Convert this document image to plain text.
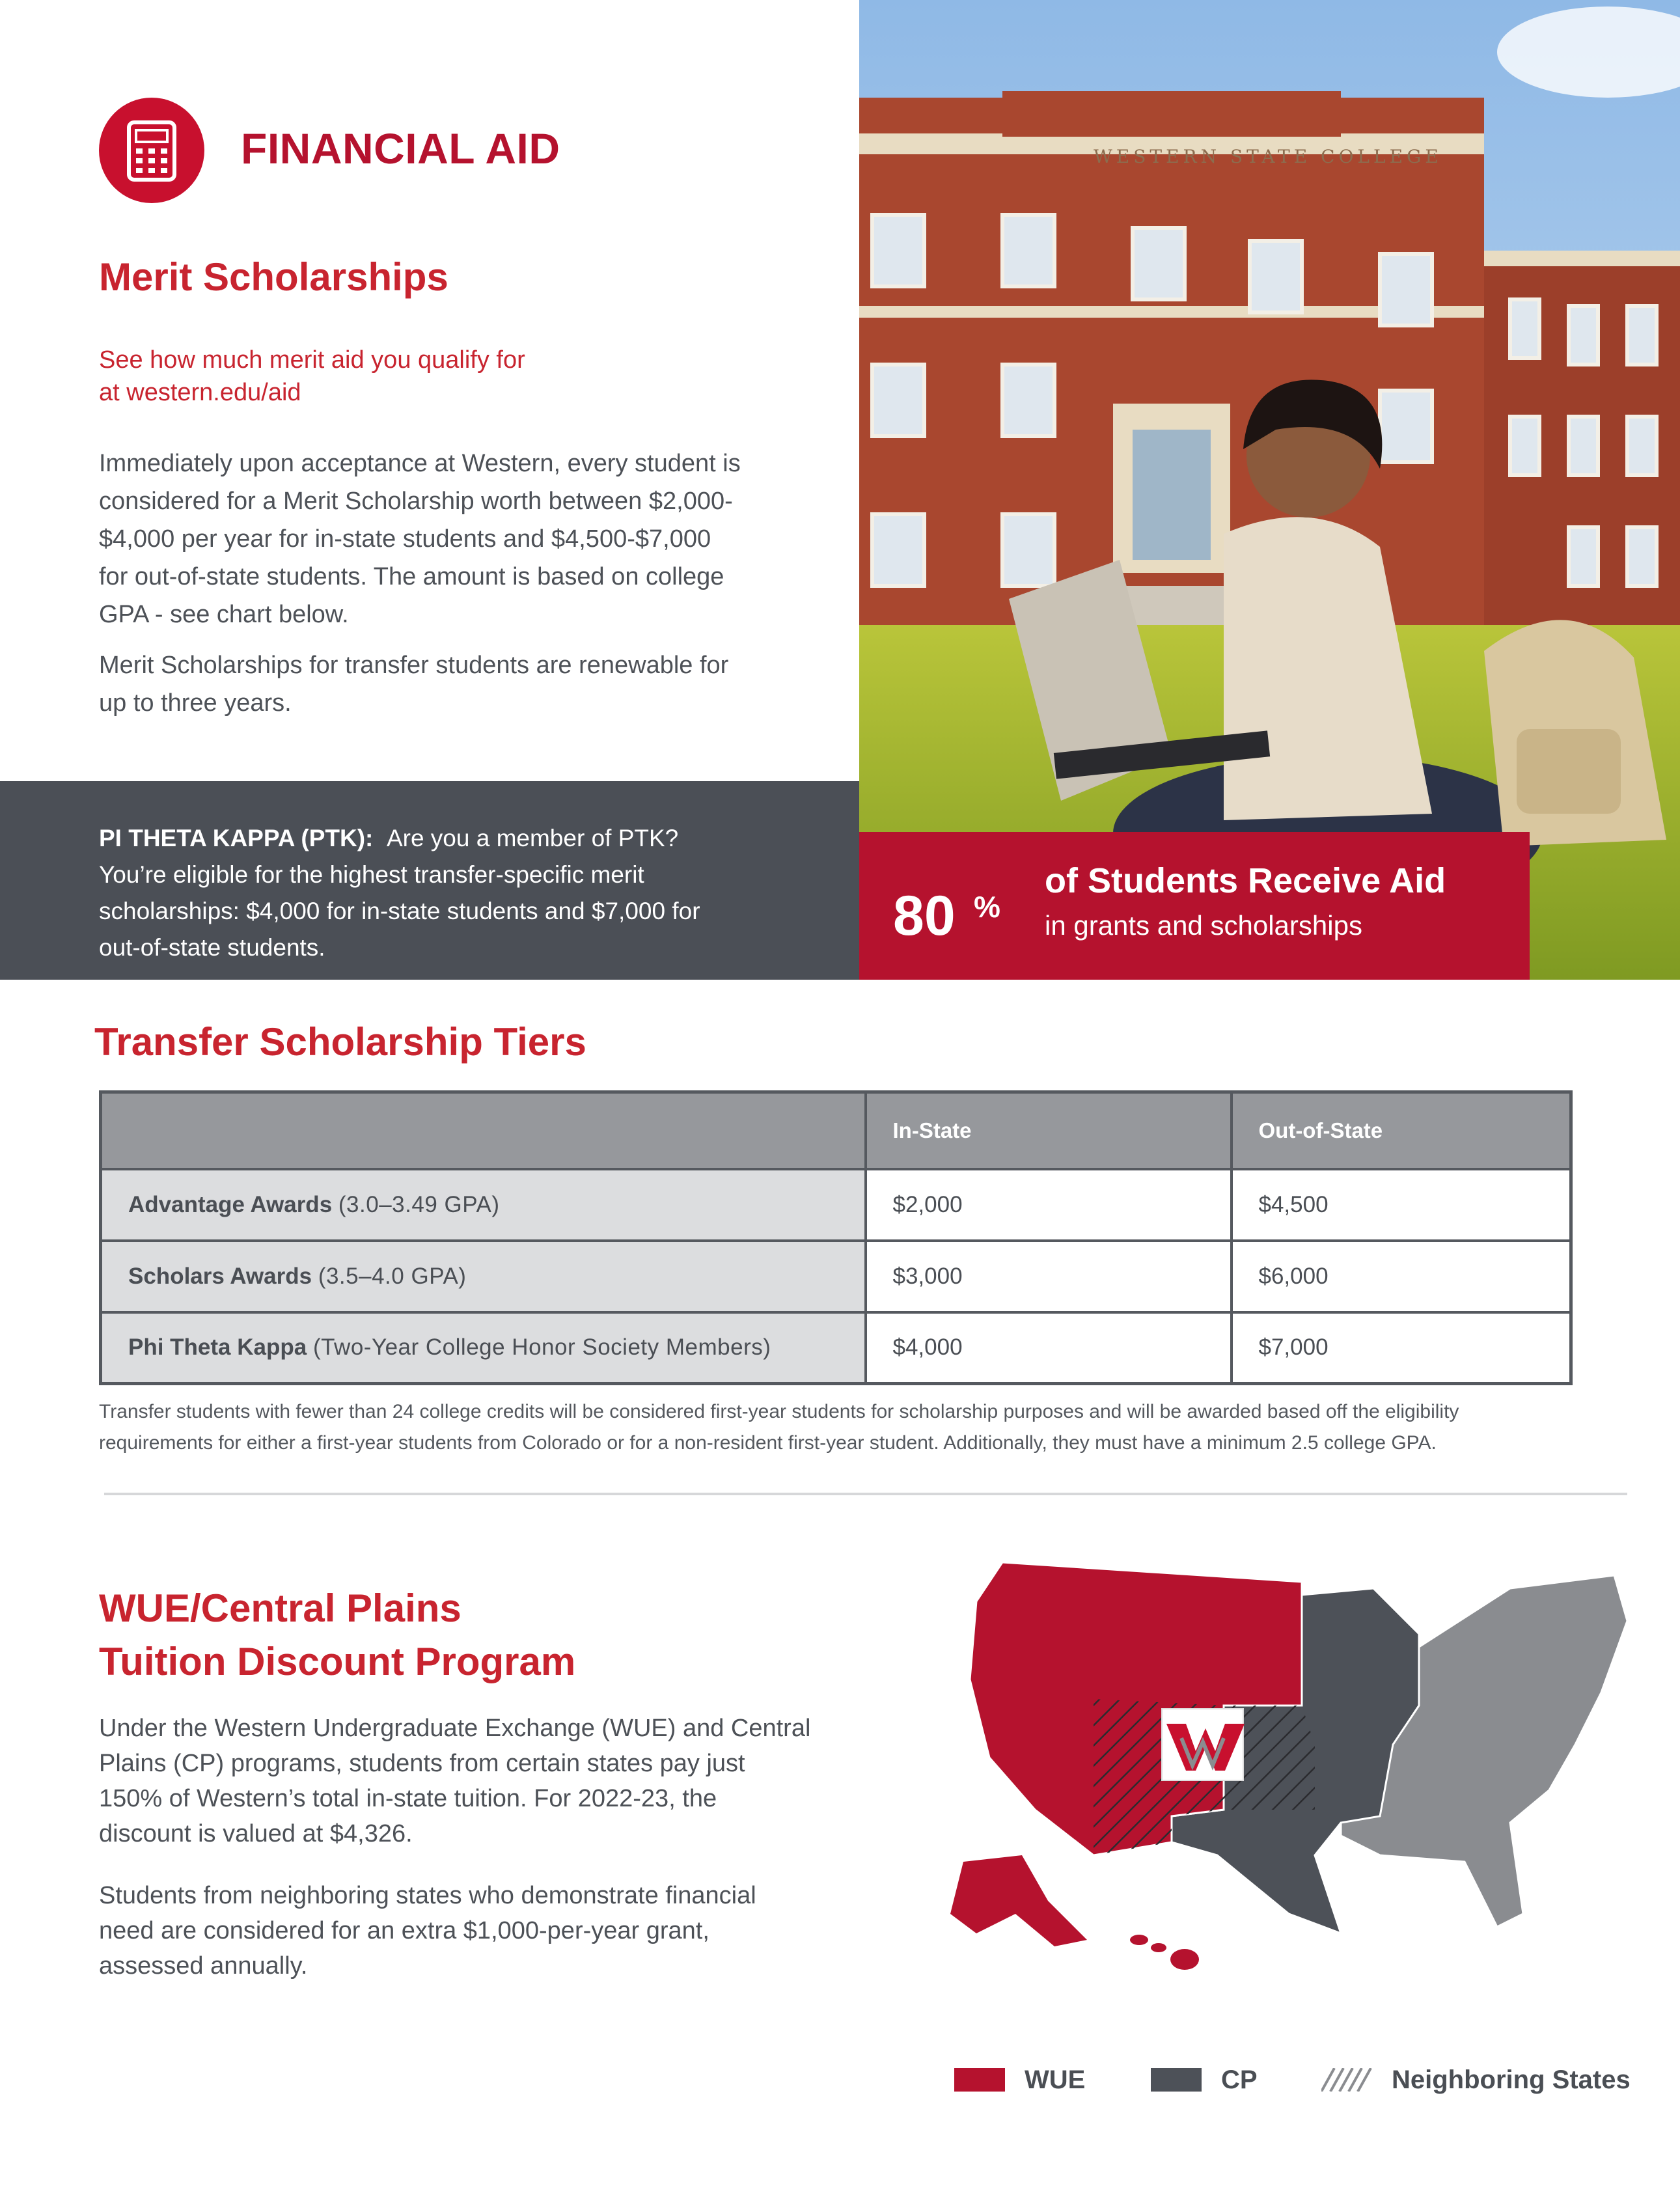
FINANCIAL AID
Merit Scholarships
See how much merit aid you qualify for
at western.edu/aid
Immediately upon acceptance at Western, every student is
considered for a Merit Scholarship worth between $2,000-
$4,000 per year for in-state students and $4,500-$7,000
for out-of-state students. The amount is based on college
GPA - see chart below.
Merit Scholarships for transfer students are renewable for
up to three years.
PI THETA KAPPA (PTK): Are you a member of PTK?
You’re eligible for the highest transfer-specific merit
scholarships: $4,000 for in-state students and $7,000 for
out-of-state students.
WESTERN STATE COLLEGE
80 %
of Students Receive Aid
in grants and scholarships
Transfer Scholarship Tiers
	In-State	Out-of-State
Advantage Awards (3.0–3.49 GPA)	$2,000	$4,500
Scholars Awards (3.5–4.0 GPA)	$3,000	$6,000
Phi Theta Kappa (Two-Year College Honor Society Members)	$4,000	$7,000
Transfer students with fewer than 24 college credits will be considered first-year students for scholarship purposes and will be awarded based off the eligibility
requirements for either a first-year students from Colorado or for a non-resident first-year student. Additionally, they must have a minimum 2.5 college GPA.
WUE/Central Plains
Tuition Discount Program
Under the Western Undergraduate Exchange (WUE) and Central
Plains (CP) programs, students from certain states pay just
150% of Western’s total in-state tuition. For 2022-23, the
discount is valued at $4,326.
Students from neighboring states who demonstrate financial
need are considered for an extra $1,000-per-year grant,
assessed annually.
WUE	CP	Neighboring States
